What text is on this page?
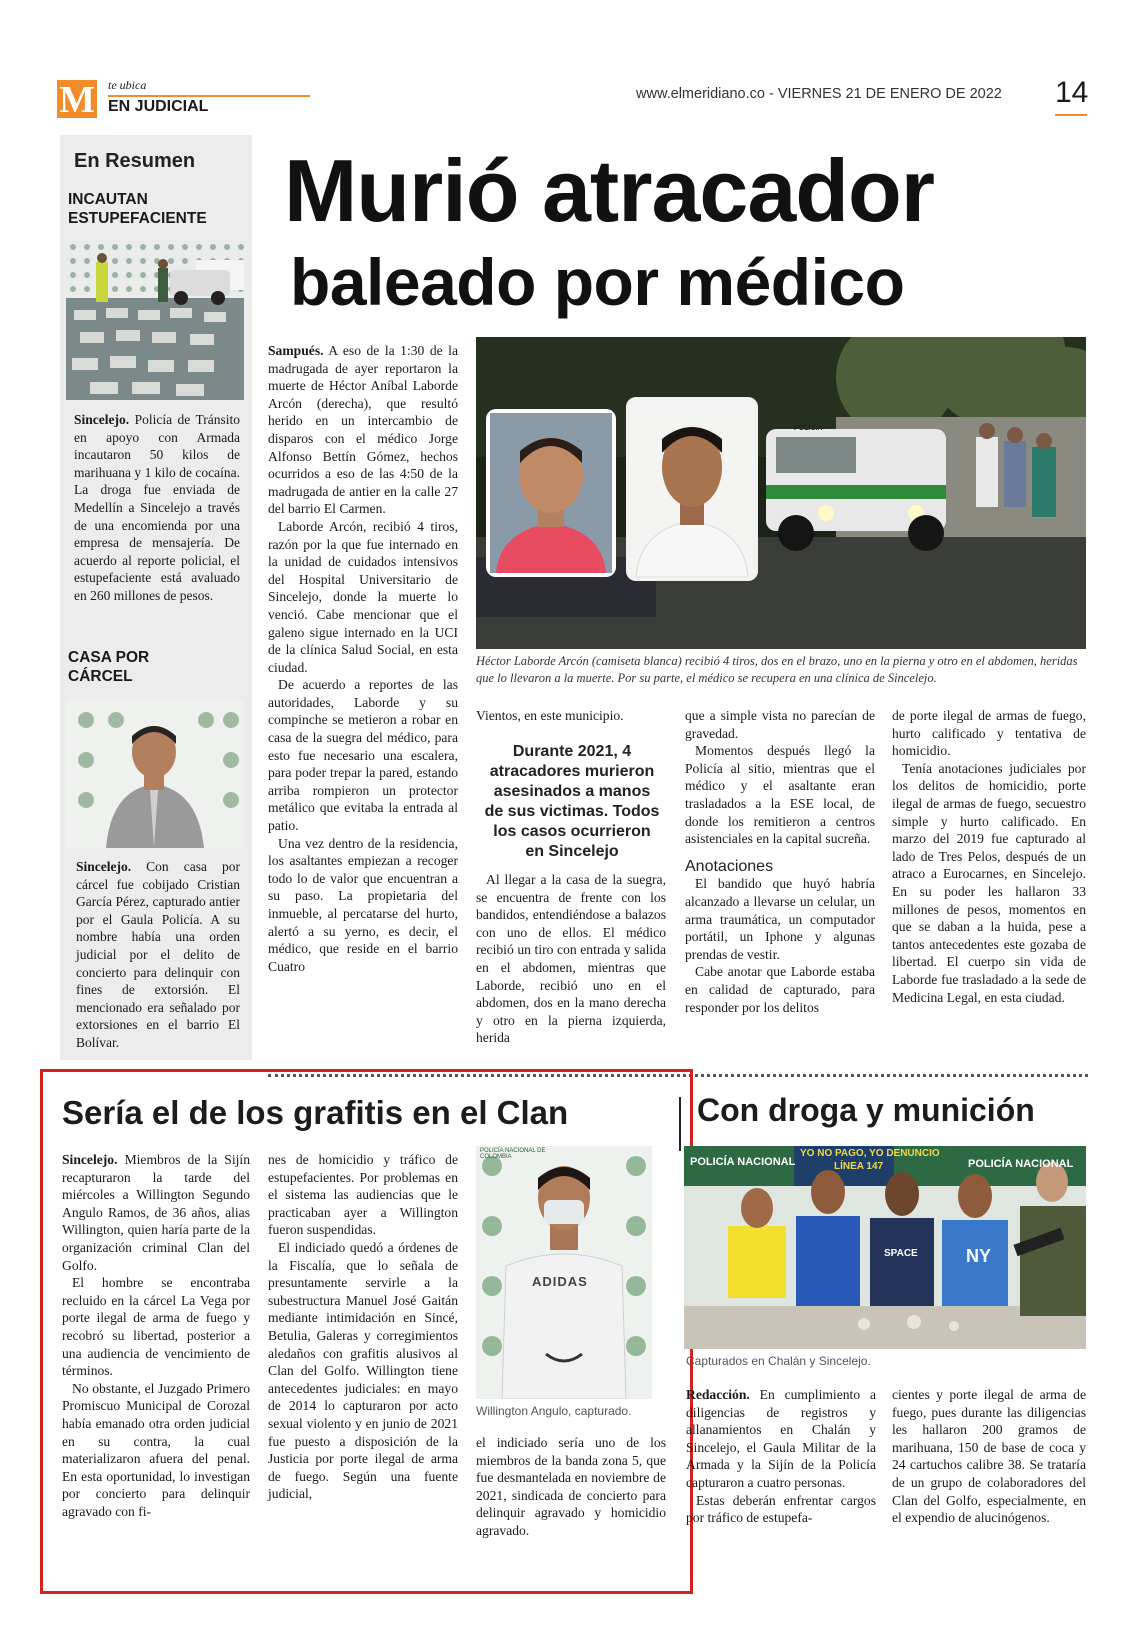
M te ubica
EN JUDICIAL
www.elmeridiano.co - VIERNES 21 DE ENERO DE 2022 14
En Resumen
INCAUTAN ESTUPEFACIENTE
Sincelejo. Policía de Tránsito en apoyo con Armada incautaron 50 kilos de marihuana y 1 kilo de cocaína. La droga fue enviada de Medellín a Sincelejo a través de una encomienda por una empresa de mensajería. De acuerdo al reporte policial, el estupefaciente está avaluado en 260 millones de pesos.
CASA POR CÁRCEL
Sincelejo. Con casa por cárcel fue cobijado Cristian García Pérez, capturado antier por el Gaula Policía. A su nombre había una orden judicial por el delito de concierto para delinquir con fines de extorsión. El mencionado era señalado por extorsiones en el barrio El Bolívar.
Murió atracador
baleado por médico

Sampués. A eso de la 1:30 de la madrugada de ayer reportaron la muerte de Héctor Aníbal Laborde Arcón (derecha), que resultó herido en un intercambio de disparos con el médico Jorge Alfonso Bettín Gómez, hechos ocurridos a eso de las 4:50 de la madrugada de antier en la calle 27 del barrio El Carmen.

Laborde Arcón, recibió 4 tiros, razón por la que fue internado en la unidad de cuidados intensivos del Hospital Universitario de Sincelejo, donde la muerte lo venció. Cabe mencionar que el galeno sigue internado en la UCI de la clínica Salud Social, en esta ciudad.

De acuerdo a reportes de las autoridades, Laborde y su compinche se metieron a robar en casa de la suegra del médico, para esto fue necesario una escalera, para poder trepar la pared, estando arriba rompieron un protector metálico que evitaba la entrada al patio.

Una vez dentro de la residencia, los asaltantes empiezan a recoger todo lo de valor que encuentran a su paso. La propietaria del inmueble, al percatarse del hurto, alertó a su yerno, es decir, el médico, que reside en el barrio Cuatro

POLICÍA
Héctor Laborde Arcón (camiseta blanca) recibió 4 tiros, dos en el brazo, uno en la pierna y otro en el abdomen, heridas que lo llevaron a la muerte. Por su parte, el médico se recupera en una clínica de Sincelejo.

Vientos, en este municipio.

Durante 2021, 4 atracadores murieron asesinados a manos de sus victimas. Todos los casos ocurrieron en Sincelejo

Al llegar a la casa de la suegra, se encuentra de frente con los bandidos, entendiéndose a balazos con uno de ellos. El médico recibió un tiro con entrada y salida en el abdomen, mientras que Laborde, recibió uno en el abdomen, dos en la mano derecha y otro en la pierna izquierda, herida

que a simple vista no parecían de gravedad.

Momentos después llegó la Policía al sitio, mientras que el médico y el asaltante eran trasladados a la ESE local, de donde los remitieron a centros asistenciales en la capital sucreña.

Anotaciones

El bandido que huyó habría alcanzado a llevarse un celular, un arma traumática, un computador portátil, un Iphone y algunas prendas de vestir.

Cabe anotar que Laborde estaba en calidad de capturado, para responder por los delitos

de porte ilegal de armas de fuego, hurto calificado y tentativa de homicidio.

Tenía anotaciones judiciales por los delitos de homicidio, porte ilegal de armas de fuego, secuestro simple y hurto calificado. En marzo del 2019 fue capturado al lado de Tres Pelos, después de un atraco a Eurocarnes, en Sincelejo. En su poder les hallaron 33 millones de pesos, momentos en que se daban a la huida, pese a tantos antecedentes este gozaba de libertad. El cuerpo sin vida de Laborde fue trasladado a la sede de Medicina Legal, en esta ciudad.

Sería el de los grafitis en el Clan

Sincelejo. Miembros de la Sijín recapturaron la tarde del miércoles a Willington Segundo Angulo Ramos, de 36 años, alias Willington, quien haría parte de la organización criminal Clan del Golfo.

El hombre se encontraba recluido en la cárcel La Vega por porte ilegal de arma de fuego y recobró su libertad, posterior a una audiencia de vencimiento de términos.

No obstante, el Juzgado Primero Promiscuo Municipal de Corozal había emanado otra orden judicial en su contra, la cual materializaron afuera del penal. En esta oportunidad, lo investigan por concierto para delinquir agravado con fi-

nes de homicidio y tráfico de estupefacientes. Por problemas en el sistema las audiencias que le practicaban ayer a Willington fueron suspendidas.

El indiciado quedó a órdenes de la Fiscalía, que lo señala de presuntamente servirle a la subestructura Manuel José Gaitán mediante intimidación en Sincé, Betulia, Galeras y corregimientos aledaños con grafitis alusivos al Clan del Golfo. Willington tiene antecedentes judiciales: en mayo de 2014 lo capturaron por acto sexual violento y en junio de 2021 fue puesto a disposición de la Justicia por porte ilegal de arma de fuego. Según una fuente judicial,

POLICÍA NACIONAL DE COLOMBIA
ADIDAS
Willington Angulo, capturado.

el indiciado sería uno de los miembros de la banda zona 5, que fue desmantelada en noviembre de 2021, sindicada de concierto para delinquir agravado y homicidio agravado.

Con droga y munición
POLICÍA NACIONAL
YO NO PAGO, YO DENUNCIO
LÍNEA 147	POLICÍA NACIONAL
SPACE	NY
Capturados en Chalán y Sincelejo.

Redacción. En cumplimiento a diligencias de registros y allanamientos en Chalán y Sincelejo, el Gaula Militar de la Armada y la Sijín de la Policía capturaron a cuatro personas.

Estas deberán enfrentar cargos por tráfico de estupefa-

cientes y porte ilegal de arma de fuego, pues durante las diligencias les hallaron 200 gramos de marihuana, 150 de base de coca y 24 cartuchos calibre 38. Se trataría de un grupo de colaboradores del Clan del Golfo, especialmente, en el expendio de alucinógenos.
